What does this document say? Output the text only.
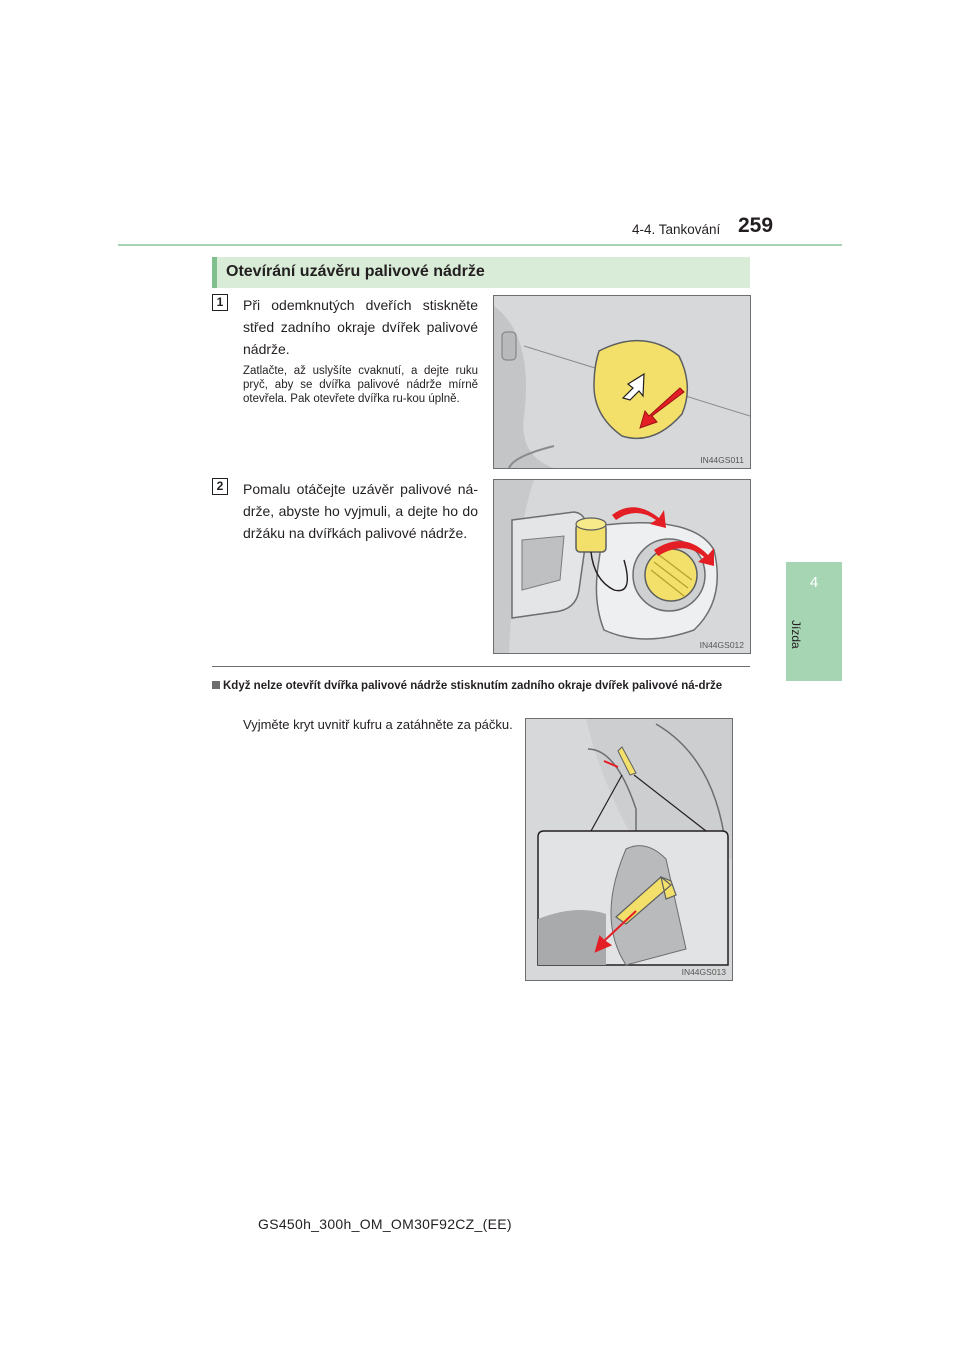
4-4. Tankování 259
4
Jízda
Otevírání uzávěru palivové nádrže
1	Při odemknutých dveřích stiskněte střed zadního okraje dvířek palivové nádrže.
Zatlačte, až uslyšíte cvaknutí, a dejte ruku pryč, aby se dvířka palivové nádrže mírně otevřela. Pak otevřete dvířka ru-kou úplně.
IN44GS011
2	Pomalu otáčejte uzávěr palivové ná-drže, abyste ho vyjmuli, a dejte ho do držáku na dvířkách palivové nádrže.
IN44GS012
Když nelze otevřít dvířka palivové nádrže stisknutím zadního okraje dvířek palivové ná-drže
Vyjměte kryt uvnitř kufru a zatáhněte za páčku.
IN44GS013
GS450h_300h_OM_OM30F92CZ_(EE)
